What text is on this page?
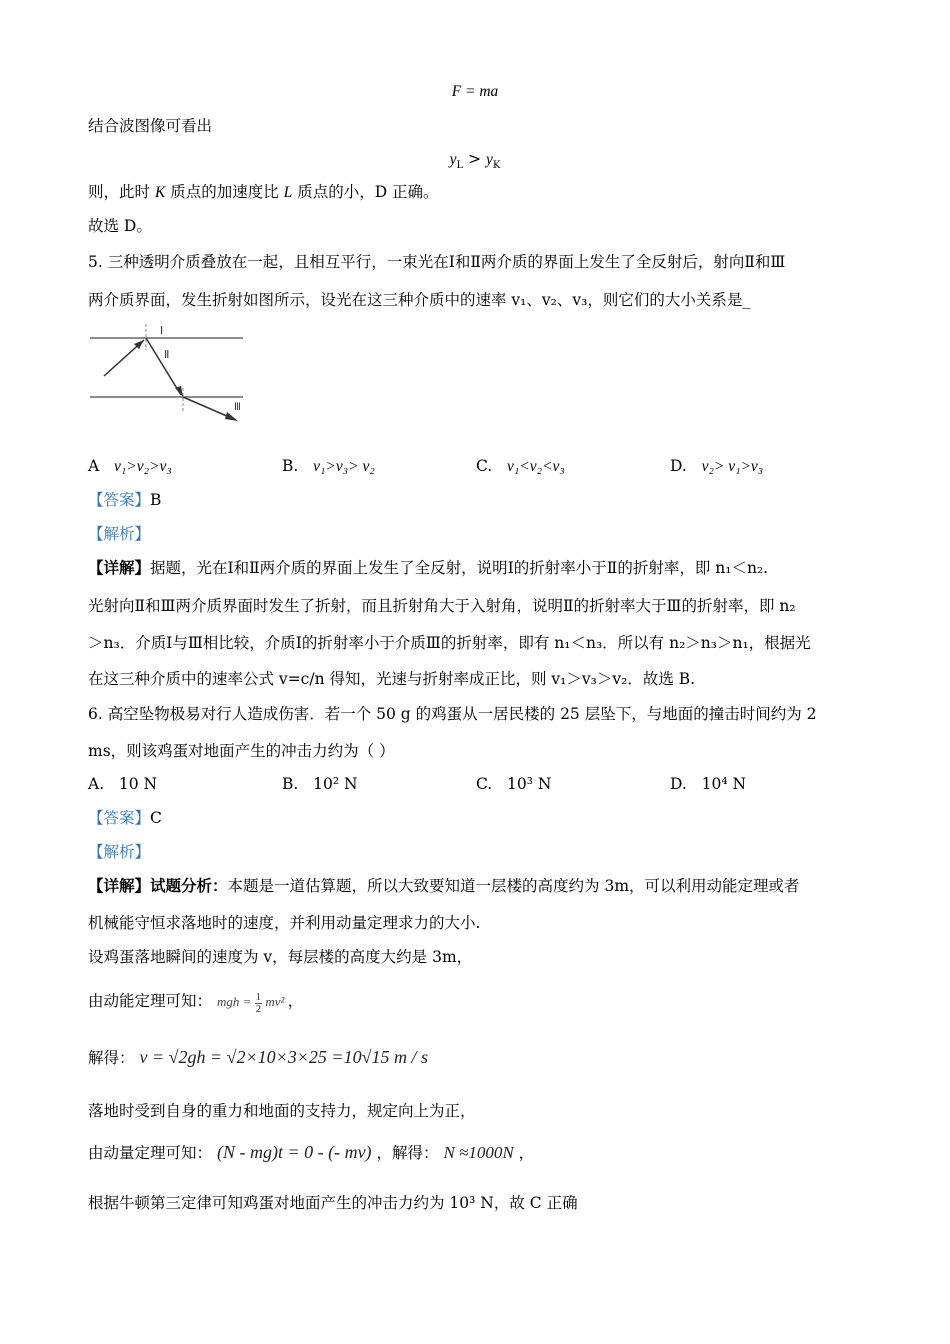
F = ma
结合波图像可看出
$y_L > y_K$
则，此时 K 质点的加速度比 L 质点的小，D 正确。
故选 D。
5. 三种透明介质叠放在一起，且相互平行，一束光在Ⅰ和Ⅱ两介质的界面上发生了全反射后，射向Ⅱ和Ⅲ
两介质界面，发生折射如图所示，设光在这三种介质中的速率 v₁、v₂、v₃，则它们的大小关系是_
Ⅰ
Ⅱ
Ⅲ
A v₁>v₂>v₃	B. v₁>v₃> v₂	C. v₁<v₂<v₃	D. v₂> v₁>v₃
【答案】B
【解析】
【详解】据题，光在Ⅰ和Ⅱ两介质的界面上发生了全反射，说明Ⅰ的折射率小于Ⅱ的折射率，即 n₁＜n₂.
光射向Ⅱ和Ⅲ两介质界面时发生了折射，而且折射角大于入射角，说明Ⅱ的折射率大于Ⅲ的折射率，即 n₂
＞n₃．介质Ⅰ与Ⅲ相比较，介质Ⅰ的折射率小于介质Ⅲ的折射率，即有 n₁＜n₃．所以有 n₂＞n₃＞n₁，根据光
在这三种介质中的速率公式 v=c/n 得知，光速与折射率成正比，则 v₁＞v₃＞v₂．故选 B.
6. 高空坠物极易对行人造成伤害．若一个 50 g 的鸡蛋从一居民楼的 25 层坠下，与地面的撞击时间约为 2
ms，则该鸡蛋对地面产生的冲击力约为（ ）
A. 10 N	B. 10² N	C. 10³ N	D. 10⁴ N
【答案】C
【解析】
【详解】试题分析：本题是一道估算题，所以大致要知道一层楼的高度约为 3m，可以利用动能定理或者
机械能守恒求落地时的速度，并利用动量定理求力的大小.
设鸡蛋落地瞬间的速度为 v，每层楼的高度大约是 3m，
由动能定理可知： mgh = $\frac{1}{2} mv^2$ ，
解得： v = √2gh = √2×10×3×25 =10√15 m / s
落地时受到自身的重力和地面的支持力，规定向上为正，
由动量定理可知： (N - mg)t = 0 - (- mv) ，解得： N ≈1000N ，
根据牛顿第三定律可知鸡蛋对地面产生的冲击力约为 10³ N，故 C 正确
